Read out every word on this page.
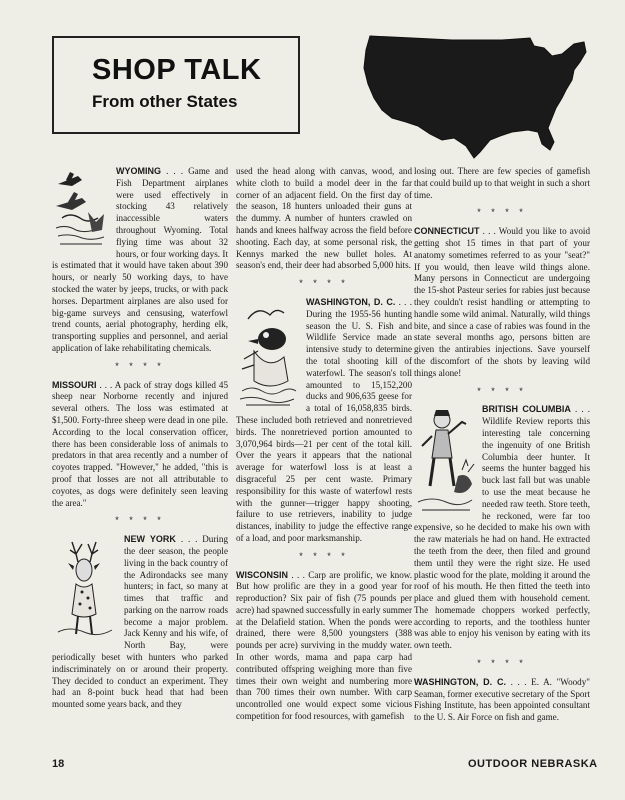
SHOP TALK
From other States

WYOMING . . . Game and Fish Department airplanes were used effectively in stocking 43 relatively inaccessible waters throughout Wyoming. Total flying time was about 32 hours, or four working days. It is estimated that it would have taken about 390 hours, or nearly 50 working days, to have stocked the water by jeeps, trucks, or with pack horses. Department airplanes are also used for big-game surveys and censusing, waterfowl trend counts, aerial photography, herding elk, transporting supplies and personnel, and aerial application of lake rehabilitating chemicals.

* * * *

MISSOURI . . . A pack of stray dogs killed 45 sheep near Norborne recently and injured several others. The loss was estimated at $1,500. Forty-three sheep were dead in one pile. According to the local conservation officer, there has been considerable loss of animals to predators in that area recently and a number of coyotes trapped. "However," he added, "this is proof that losses are not all attributable to coyotes, as dogs were definitely seen leaving the area."

* * * *

NEW YORK
. . . During the deer season, the people living in the back country of the Adirondacks see many hunters; in fact, so many at times that traffic and parking on the narrow roads become a major problem. Jack Kenny and his wife, of North Bay, were periodically beset with hunters who parked indiscriminately on or around their property. They decided to conduct an experiment. They had an 8-point buck head that had been mounted some years back, and they

used the head along with canvas, wood, and white cloth to build a model deer in the far corner of an adjacent field. On the first day of the season, 18 hunters unloaded their guns at the dummy. A number of hunters crawled on hands and knees halfway across the field before shooting. Each day, at some personal risk, the Kennys marked the new bullet holes. At season's end, their deer had absorbed 5,000 hits.

* * * *

WASHINGTON, D. C. . . . During the 1955-56 hunting season the U. S. Fish and Wildlife Service made an intensive study to determine the total shooting kill of waterfowl. The season's toll amounted to 15,152,200 ducks and 906,635 geese for a total of 16,058,835 birds. These included both retrieved and nonretrieved birds. The nonretrieved portion amounted to 3,070,964 birds—21 per cent of the total kill. Over the years it appears that the national average for waterfowl loss is at least a disgraceful 25 per cent waste. Primary responsibility for this waste of waterfowl rests with the gunner—trigger happy shooting, failure to use retrievers, inability to judge distances, inability to judge the effective range of a load, and poor marksmanship.

* * * *

WISCONSIN . . . Carp are prolific, we know. But how prolific are they in a good year for reproduction? Six pair of fish (75 pounds per acre) had spawned successfully in early summer at the Delafield station. When the ponds were drained, there were 8,500 youngsters (388 pounds per acre) surviving in the muddy water. In other words, mama and papa carp had contributed offspring weighing more than five times their own weight and numbering more than 700 times their own number. With carp uncontrolled one would expect some vicious competition for food resources, with gamefish

losing out. There are few species of gamefish that could build up to that weight in such a short time.

* * * *

CONNECTICUT . . . Would you like to avoid getting shot 15 times in that part of your anatomy sometimes referred to as your "seat?" If you would, then leave wild things alone. Many persons in Connecticut are undergoing the 15-shot Pasteur series for rabies just because they couldn't resist handling or attempting to handle some wild animal. Naturally, wild things bite, and since a case of rabies was found in the state several months ago, persons bitten are given the antirabies injections. Save yourself the discomfort of the shots by leaving wild things alone!

* * * *

BRITISH COLUMBIA
. . . Wildlife Review reports this interesting tale concerning the ingenuity of one British Columbia deer hunter. It seems the hunter bagged his buck last fall but was unable to use the meat because he needed raw teeth. Store teeth, he reckoned, were far too expensive, so he decided to make his own with the raw materials he had on hand. He extracted the teeth from the deer, then filed and ground them until they were the right size. He used plastic wood for the plate, molding it around the roof of his mouth. He then fitted the teeth into place and glued them with household cement. The homemade choppers worked perfectly, according to reports, and the toothless hunter was able to enjoy his venison by eating with its own teeth.

* * * *

WASHINGTON, D. C. . . . E. A. "Woody" Seaman, former executive secretary of the Sport Fishing Institute, has been appointed consultant to the U. S. Air Force on fish and game.

18	OUTDOOR NEBRASKA
